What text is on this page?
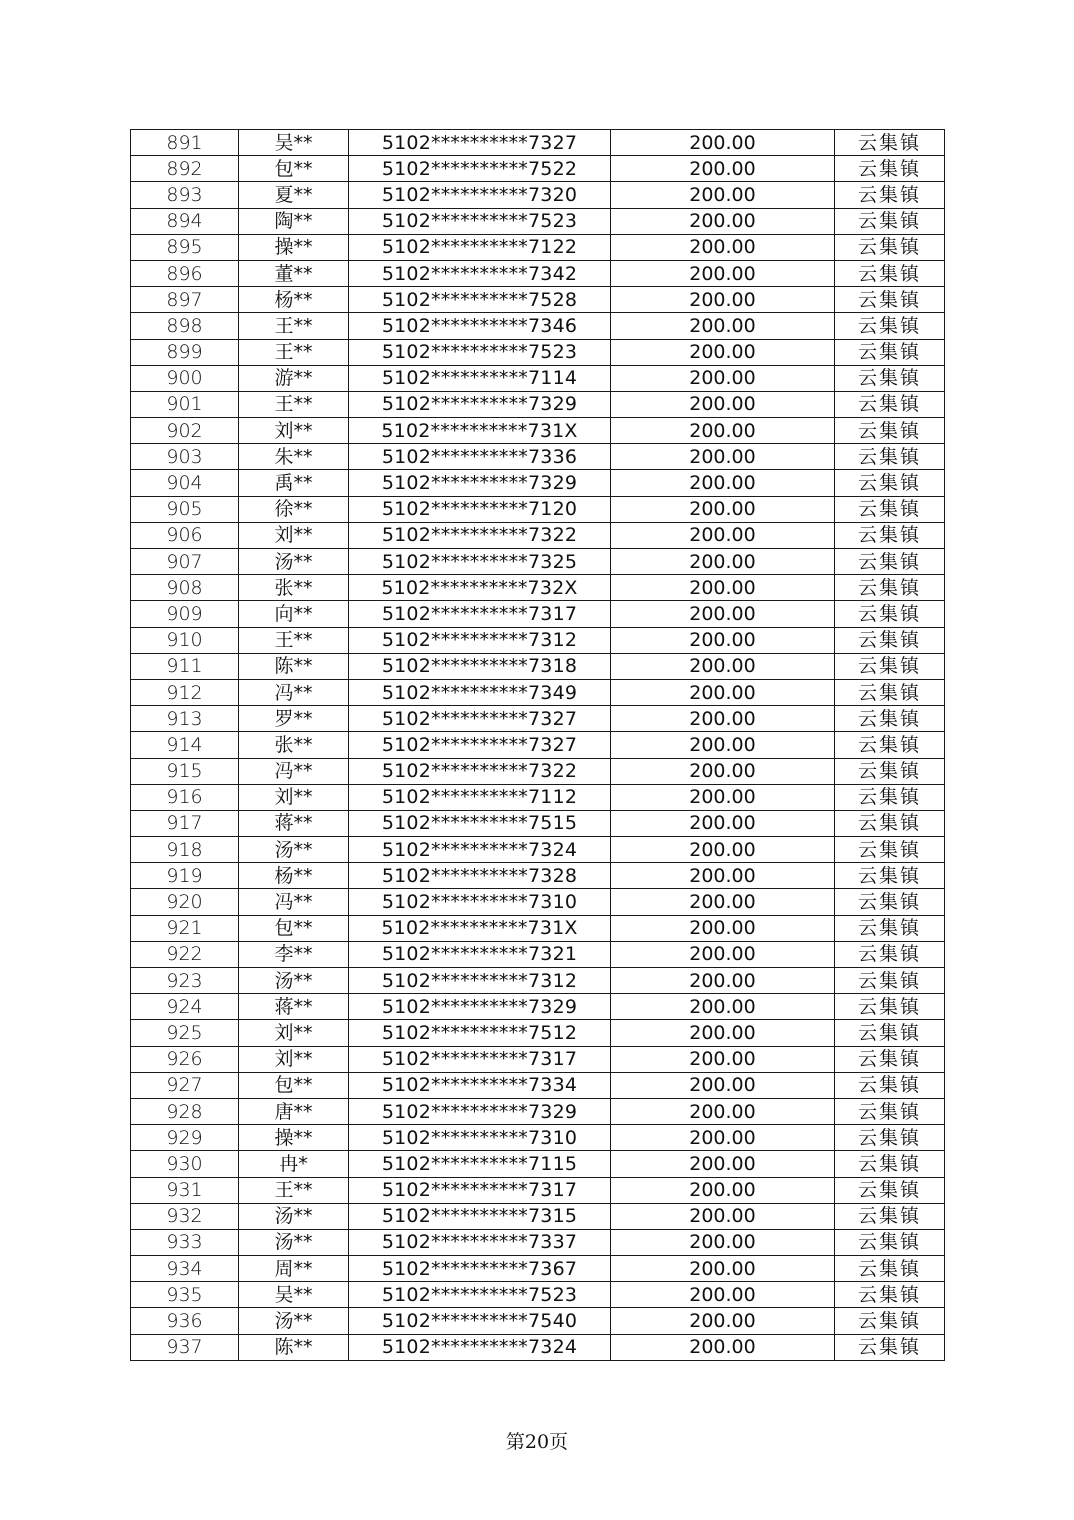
891	吴**	5102**********7327	200.00	云集镇
892	包**	5102**********7522	200.00	云集镇
893	夏**	5102**********7320	200.00	云集镇
894	陶**	5102**********7523	200.00	云集镇
895	操**	5102**********7122	200.00	云集镇
896	董**	5102**********7342	200.00	云集镇
897	杨**	5102**********7528	200.00	云集镇
898	王**	5102**********7346	200.00	云集镇
899	王**	5102**********7523	200.00	云集镇
900	游**	5102**********7114	200.00	云集镇
901	王**	5102**********7329	200.00	云集镇
902	刘**	5102**********731X	200.00	云集镇
903	朱**	5102**********7336	200.00	云集镇
904	禹**	5102**********7329	200.00	云集镇
905	徐**	5102**********7120	200.00	云集镇
906	刘**	5102**********7322	200.00	云集镇
907	汤**	5102**********7325	200.00	云集镇
908	张**	5102**********732X	200.00	云集镇
909	向**	5102**********7317	200.00	云集镇
910	王**	5102**********7312	200.00	云集镇
911	陈**	5102**********7318	200.00	云集镇
912	冯**	5102**********7349	200.00	云集镇
913	罗**	5102**********7327	200.00	云集镇
914	张**	5102**********7327	200.00	云集镇
915	冯**	5102**********7322	200.00	云集镇
916	刘**	5102**********7112	200.00	云集镇
917	蒋**	5102**********7515	200.00	云集镇
918	汤**	5102**********7324	200.00	云集镇
919	杨**	5102**********7328	200.00	云集镇
920	冯**	5102**********7310	200.00	云集镇
921	包**	5102**********731X	200.00	云集镇
922	李**	5102**********7321	200.00	云集镇
923	汤**	5102**********7312	200.00	云集镇
924	蒋**	5102**********7329	200.00	云集镇
925	刘**	5102**********7512	200.00	云集镇
926	刘**	5102**********7317	200.00	云集镇
927	包**	5102**********7334	200.00	云集镇
928	唐**	5102**********7329	200.00	云集镇
929	操**	5102**********7310	200.00	云集镇
930	冉*	5102**********7115	200.00	云集镇
931	王**	5102**********7317	200.00	云集镇
932	汤**	5102**********7315	200.00	云集镇
933	汤**	5102**********7337	200.00	云集镇
934	周**	5102**********7367	200.00	云集镇
935	吴**	5102**********7523	200.00	云集镇
936	汤**	5102**********7540	200.00	云集镇
937	陈**	5102**********7324	200.00	云集镇
第20页
